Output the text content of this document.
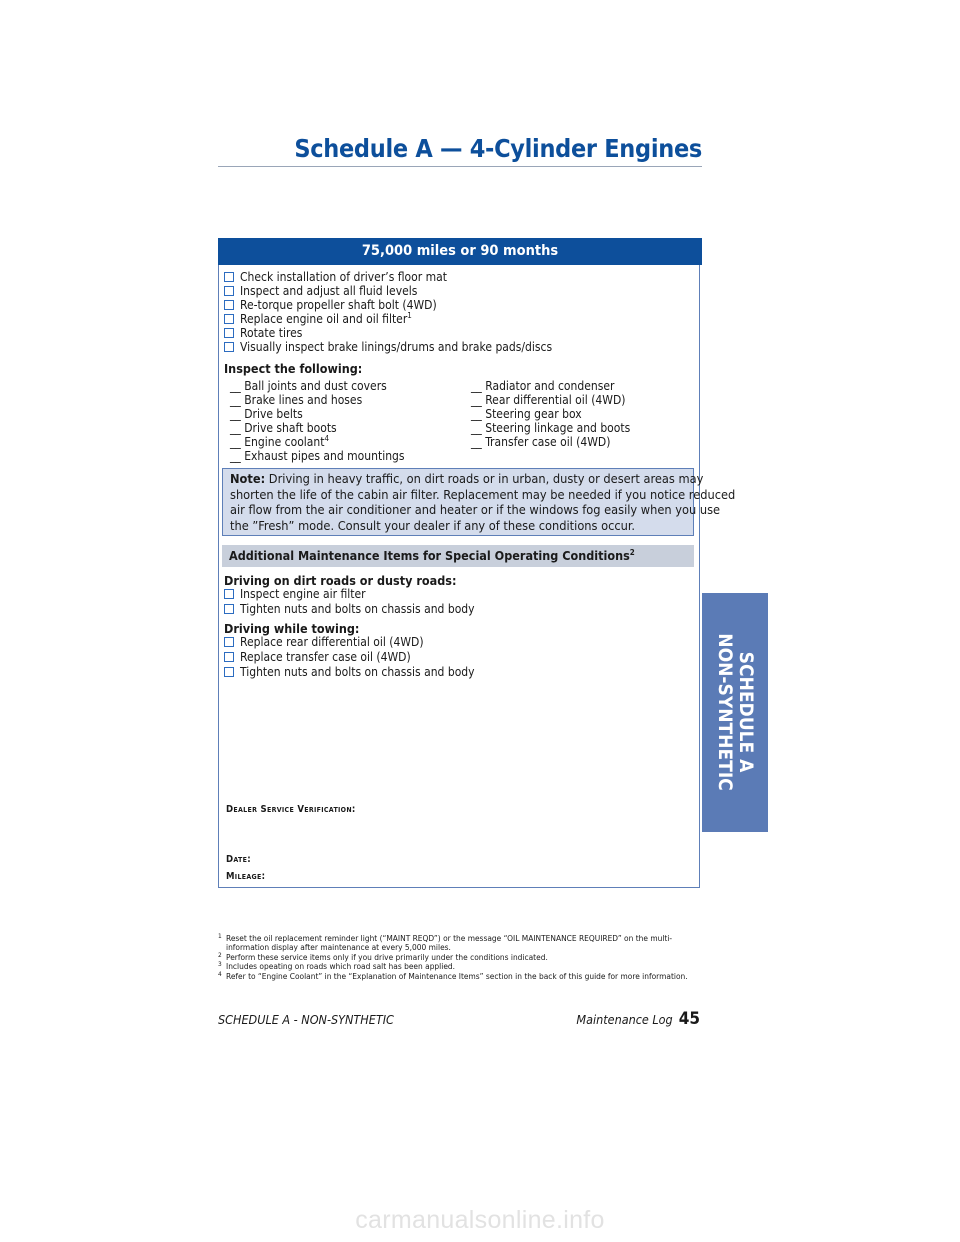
Schedule A — 4-Cylinder Engines
75,000 miles or 90 months
Check installation of driver’s floor mat
Inspect and adjust all fluid levels
Re-torque propeller shaft bolt (4WD)
Replace engine oil and oil filter$^1$
Rotate tires
Visually inspect brake linings/drums and brake pads/discs
Inspect the following:
__ Ball joints and dust covers
__ Brake lines and hoses
__ Drive belts
__ Drive shaft boots
__ Engine coolant$^4$
__ Exhaust pipes and mountings
__ Radiator and condenser
__ Rear differential oil (4WD)
__ Steering gear box
__ Steering linkage and boots
__ Transfer case oil (4WD)
Note: Driving in heavy traffic, on dirt roads or in urban, dusty or desert areas may
shorten the life of the cabin air filter. Replacement may be needed if you notice reduced
air flow from the air conditioner and heater or if the windows fog easily when you use
the ”Fresh” mode. Consult your dealer if any of these conditions occur.
Additional Maintenance Items for Special Operating Conditions$^2$
Driving on dirt roads or dusty roads:
Inspect engine air filter
Tighten nuts and bolts on chassis and body
Driving while towing:
Replace rear differential oil (4WD)
Replace transfer case oil (4WD)
Tighten nuts and bolts on chassis and body
Dealer Service Verification:
Date:
Mileage:
SCHEDULE A
NON-SYNTHETIC
1 Reset the oil replacement reminder light (“MAINT REQD”) or the message “OIL MAINTENANCE REQUIRED” on the multi-information display after maintenance at every 5,000 miles.
2 Perform these service items only if you drive primarily under the conditions indicated.
3 Includes opeating on roads which road salt has been applied.
4 Refer to “Engine Coolant” in the “Explanation of Maintenance Items” section in the back of this guide for more information.
SCHEDULE A - NON-SYNTHETIC	Maintenance Log 45
carmanualsonline.info
